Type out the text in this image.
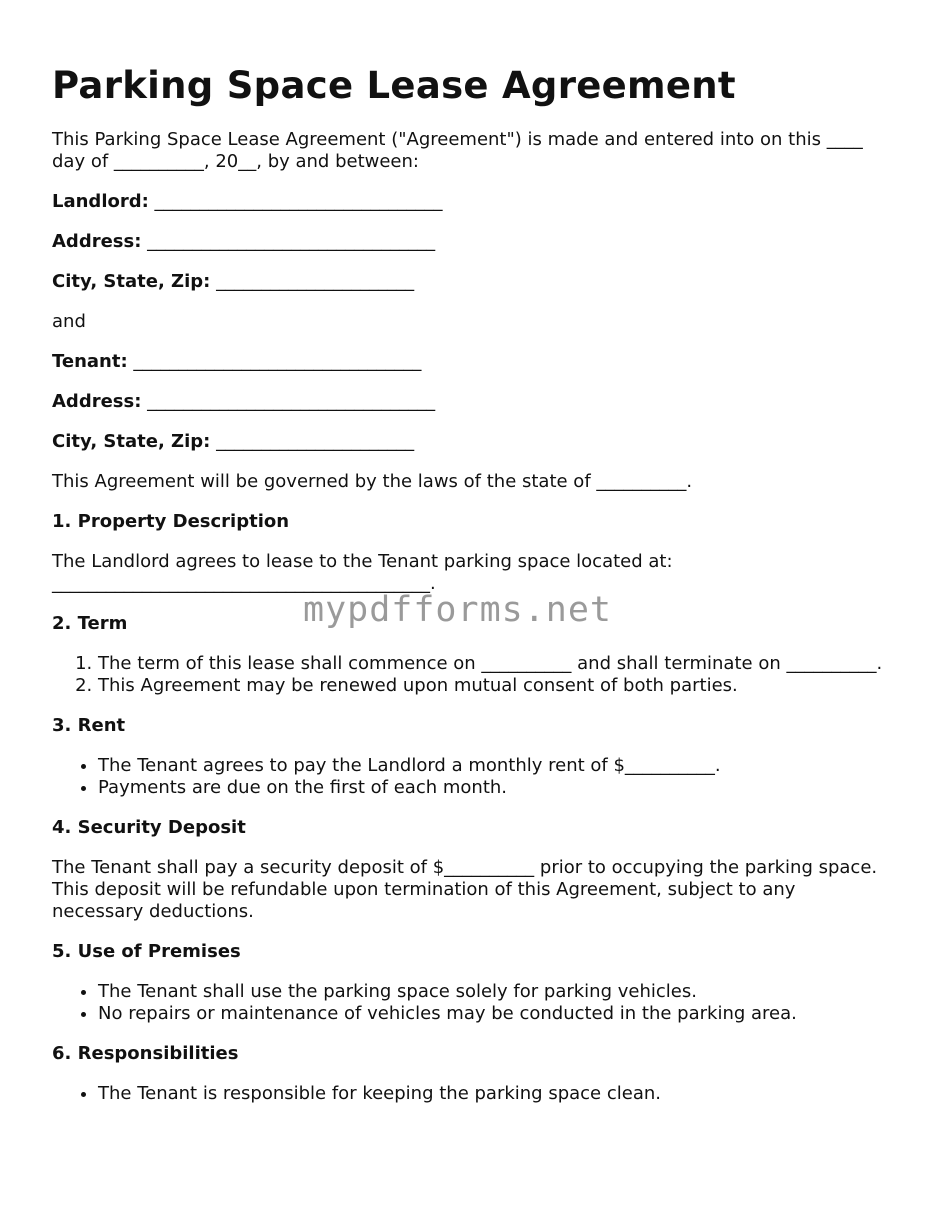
Parking Space Lease Agreement

This Parking Space Lease Agreement ("Agreement") is made and entered into on this ____ day of __________, 20__, by and between:

Landlord: ________________________________
Address: ________________________________
City, State, Zip: ______________________

and

Tenant: ________________________________
Address: ________________________________
City, State, Zip: ______________________

This Agreement will be governed by the laws of the state of __________.

1. Property Description

The Landlord agrees to lease to the Tenant parking space located at:
__________________________________________.

2. Term
1. The term of this lease shall commence on __________ and shall terminate on __________.
2. This Agreement may be renewed upon mutual consent of both parties.
3. Rent
• The Tenant agrees to pay the Landlord a monthly rent of $__________.
• Payments are due on the first of each month.
4. Security Deposit

The Tenant shall pay a security deposit of $__________ prior to occupying the parking space. This deposit will be refundable upon termination of this Agreement, subject to any necessary deductions.

5. Use of Premises
• The Tenant shall use the parking space solely for parking vehicles.
• No repairs or maintenance of vehicles may be conducted in the parking area.
6. Responsibilities
• The Tenant is responsible for keeping the parking space clean.
mypdfforms.net
